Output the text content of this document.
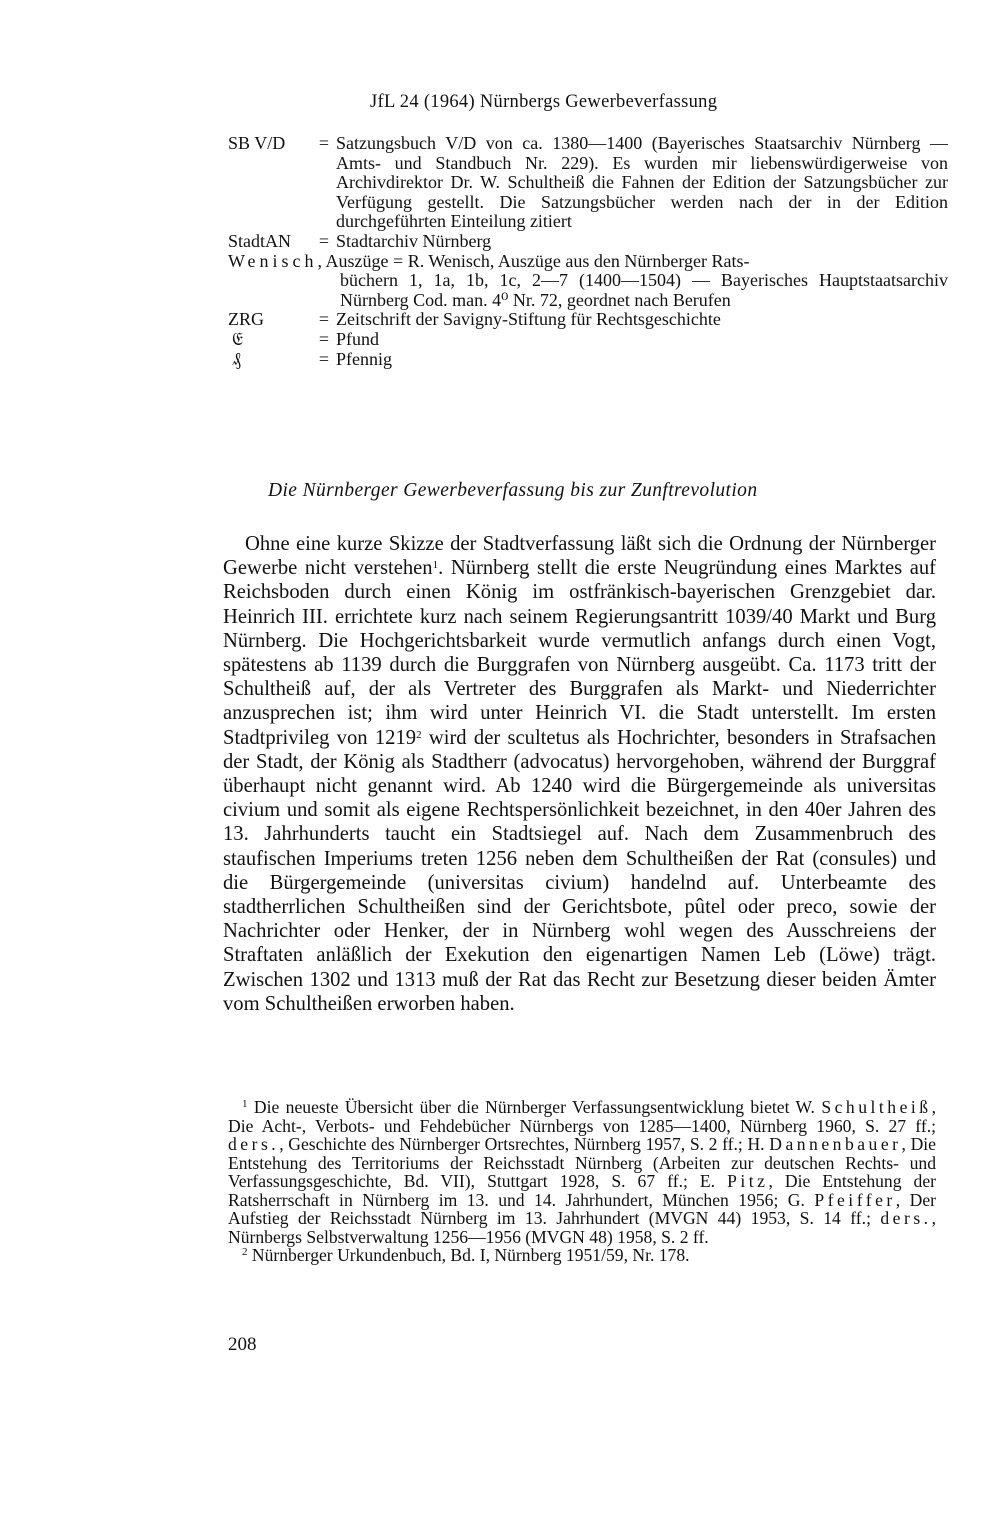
JfL 24 (1964) Nürnbergs Gewerbeverfassung
SB V/D	= Satzungsbuch V/D von ca. 1380—1400 (Bayerisches Staatsarchiv Nürnberg — Amts- und Standbuch Nr. 229). Es wurden mir liebenswürdigerweise von Archivdirektor Dr. W. Schultheiß die Fahnen der Edition der Satzungsbücher zur Verfügung gestellt. Die Satzungsbücher werden nach der in der Edition durchgeführten Einteilung zitiert
StadtAN	= Stadtarchiv Nürnberg
Wenisch, Auszüge = R. Wenisch, Auszüge aus den Nürnberger Rats-
büchern 1, 1a, 1b, 1c, 2—7 (1400—1504) — Bayerisches Hauptstaatsarchiv Nürnberg Cod. man. 4⁰ Nr. 72, geordnet nach Berufen
ZRG	= Zeitschrift der Savigny-Stiftung für Rechtsgeschichte
𝔈	= Pfund
₰	= Pfennig
Die Nürnberger Gewerbeverfassung bis zur Zunftrevolution
Ohne eine kurze Skizze der Stadtverfassung läßt sich die Ordnung der Nürnberger Gewerbe nicht verstehen$^1$. Nürnberg stellt die erste Neugründung eines Marktes auf Reichsboden durch einen König im ostfränkisch-bayerischen Grenzgebiet dar. Heinrich III. errichtete kurz nach seinem Regierungsantritt 1039/40 Markt und Burg Nürnberg. Die Hochgerichtsbarkeit wurde vermutlich anfangs durch einen Vogt, spätestens ab 1139 durch die Burggrafen von Nürnberg ausgeübt. Ca. 1173 tritt der Schultheiß auf, der als Vertreter des Burggrafen als Markt- und Niederrichter anzusprechen ist; ihm wird unter Heinrich VI. die Stadt unterstellt. Im ersten Stadtprivileg von 1219$^2$ wird der scultetus als Hochrichter, besonders in Strafsachen der Stadt, der König als Stadtherr (advocatus) hervorgehoben, während der Burggraf überhaupt nicht genannt wird. Ab 1240 wird die Bürgergemeinde als universitas civium und somit als eigene Rechtspersönlichkeit bezeichnet, in den 40er Jahren des 13. Jahrhunderts taucht ein Stadtsiegel auf. Nach dem Zusammenbruch des staufischen Imperiums treten 1256 neben dem Schultheißen der Rat (consules) und die Bürgergemeinde (universitas civium) handelnd auf. Unterbeamte des stadtherrlichen Schultheißen sind der Gerichtsbote, pûtel oder preco, sowie der Nachrichter oder Henker, der in Nürnberg wohl wegen des Ausschreiens der Straftaten anläßlich der Exekution den eigenartigen Namen Leb (Löwe) trägt. Zwischen 1302 und 1313 muß der Rat das Recht zur Besetzung dieser beiden Ämter vom Schultheißen erworben haben.

$^1$ Die neueste Übersicht über die Nürnberger Verfassungsentwicklung bietet W. Schultheiß, Die Acht-, Verbots- und Fehdebücher Nürnbergs von 1285—1400, Nürnberg 1960, S. 27 ff.; ders., Geschichte des Nürnberger Ortsrechtes, Nürnberg 1957, S. 2 ff.; H. Dannenbauer, Die Entstehung des Territoriums der Reichsstadt Nürnberg (Arbeiten zur deutschen Rechts- und Verfassungsgeschichte, Bd. VII), Stuttgart 1928, S. 67 ff.; E. Pitz, Die Entstehung der Ratsherrschaft in Nürnberg im 13. und 14. Jahrhundert, München 1956; G. Pfeiffer, Der Aufstieg der Reichsstadt Nürnberg im 13. Jahrhundert (MVGN 44) 1953, S. 14 ff.; ders., Nürnbergs Selbstverwaltung 1256—1956 (MVGN 48) 1958, S. 2 ff.

$^2$ Nürnberger Urkundenbuch, Bd. I, Nürnberg 1951/59, Nr. 178.

208
